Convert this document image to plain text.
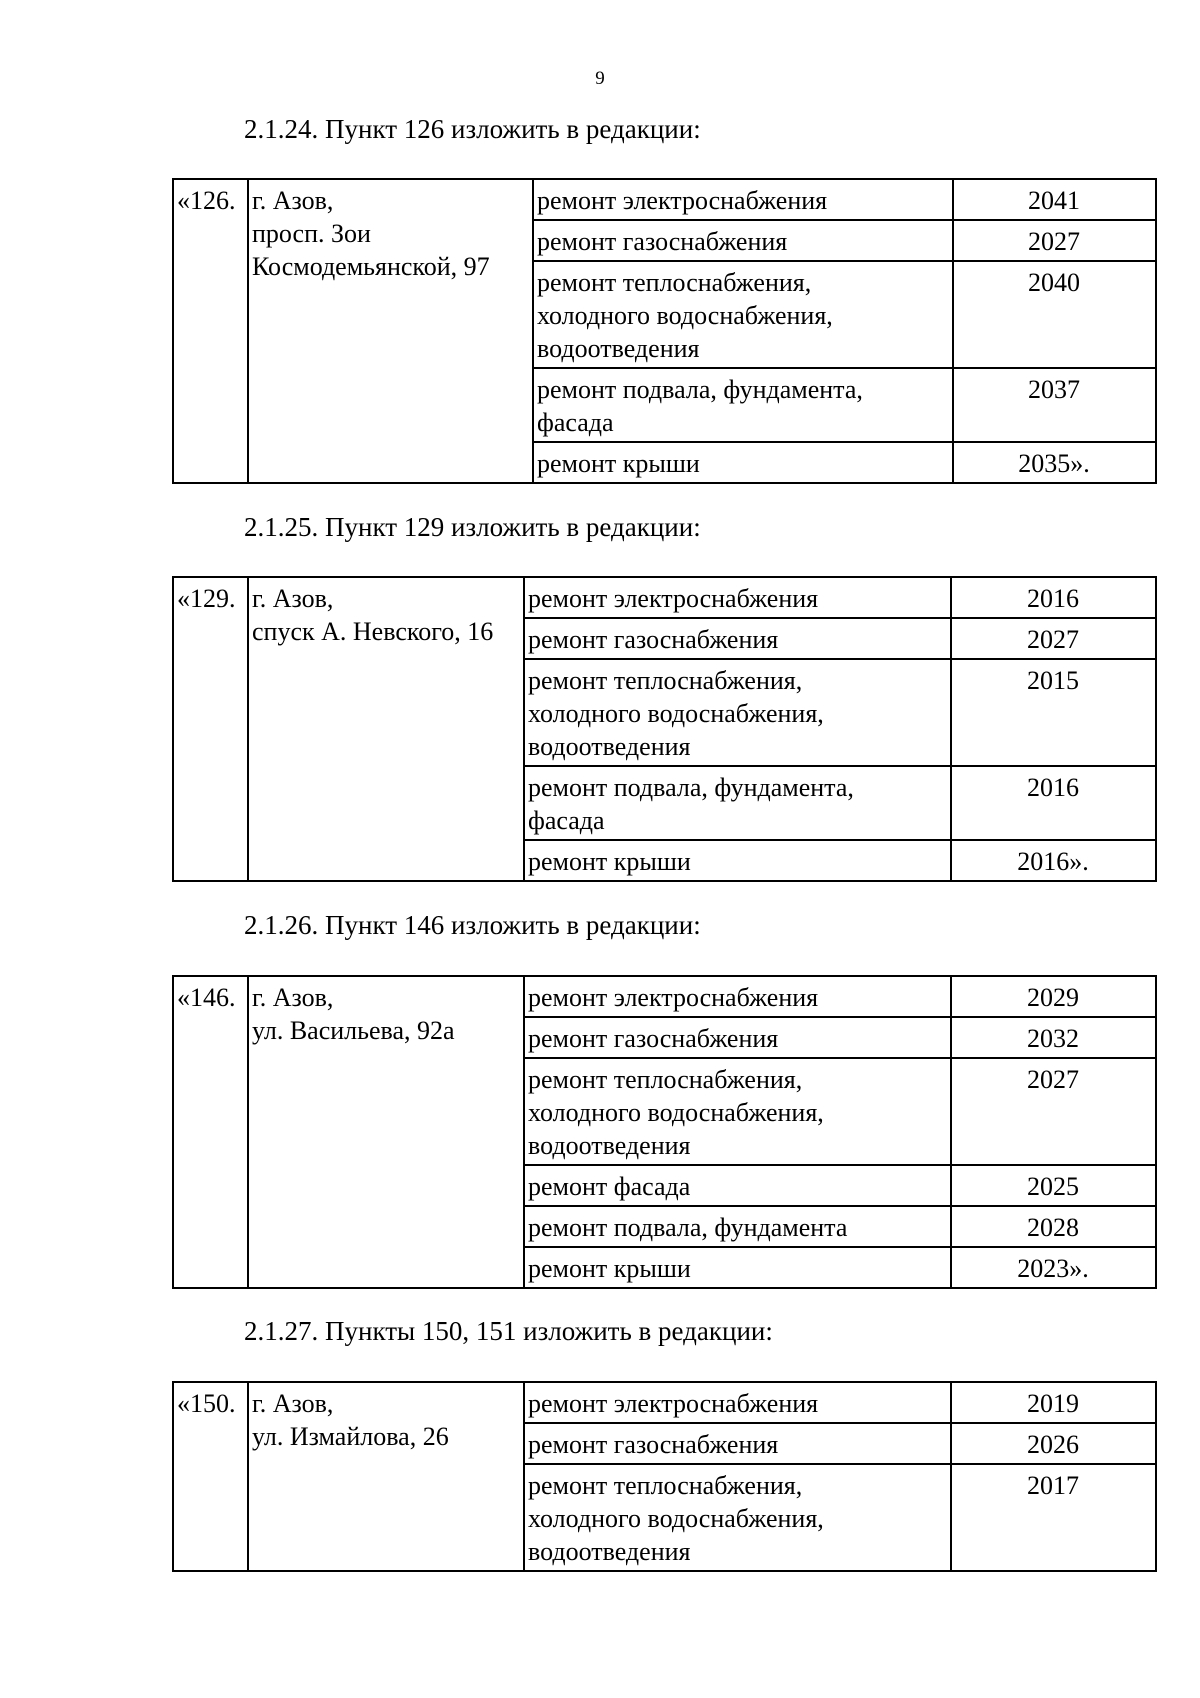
9
2.1.24. Пункт 126 изложить в редакции:
«126.	г. Азов,
просп. Зои
Космодемьянской, 97	ремонт электроснабжения	2041

		ремонт газоснабжения	2027

		ремонт теплоснабжения,
холодного водоснабжения,
водоотведения	2040

		ремонт подвала, фундамента,
фасада	2037

		ремонт крыши	2035».
2.1.25. Пункт 129 изложить в редакции:
«129.	г. Азов,
спуск А. Невского, 16	ремонт электроснабжения	2016

		ремонт газоснабжения	2027

		ремонт теплоснабжения,
холодного водоснабжения,
водоотведения	2015

		ремонт подвала, фундамента,
фасада	2016

		ремонт крыши	2016».
2.1.26. Пункт 146 изложить в редакции:
«146.	г. Азов,
ул. Васильева, 92а	ремонт электроснабжения	2029

		ремонт газоснабжения	2032

		ремонт теплоснабжения,
холодного водоснабжения,
водоотведения	2027

		ремонт фасада	2025

		ремонт подвала, фундамента	2028

		ремонт крыши	2023».
2.1.27. Пункты 150, 151 изложить в редакции:
«150.	г. Азов,
ул. Измайлова, 26	ремонт электроснабжения	2019

		ремонт газоснабжения	2026

		ремонт теплоснабжения,
холодного водоснабжения,
водоотведения	2017
